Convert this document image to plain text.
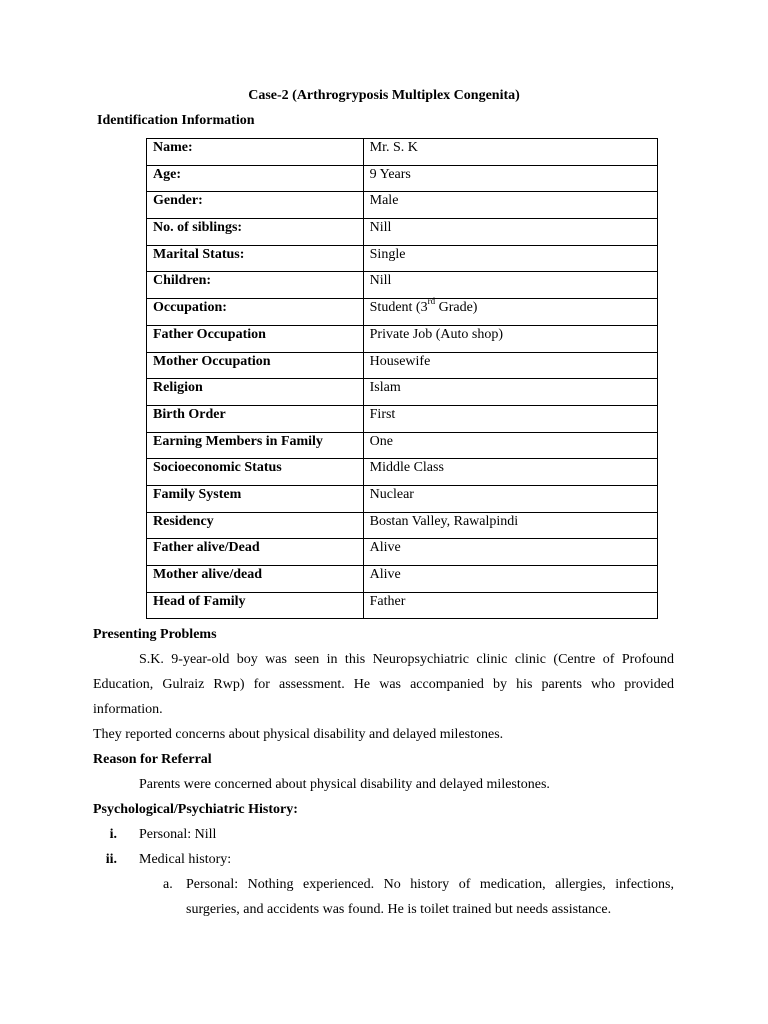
Case-2 (Arthrogryposis Multiplex Congenita)
Identification Information
Name:	Mr. S. K
Age:	9 Years
Gender:	Male
No. of siblings:	Nill
Marital Status:	Single
Children:	Nill
Occupation:	Student (3rd Grade)
Father Occupation	Private Job (Auto shop)
Mother Occupation	Housewife
Religion	Islam
Birth Order	First
Earning Members in Family	One
Socioeconomic Status	Middle Class
Family System	Nuclear
Residency	Bostan Valley, Rawalpindi
Father alive/Dead	Alive
Mother alive/dead	Alive
Head of Family	Father
Presenting Problems
S.K. 9-year-old boy was seen in this Neuropsychiatric clinic clinic (Centre of Profound Education, Gulraiz Rwp) for assessment. He was accompanied by his parents who provided information.
They reported concerns about physical disability and delayed milestones.
Reason for Referral
Parents were concerned about physical disability and delayed milestones.
Psychological/Psychiatric History:
i. Personal: Nill
ii. Medical history:
a. Personal: Nothing experienced. No history of medication, allergies, infections, surgeries, and accidents was found. He is toilet trained but needs assistance.
